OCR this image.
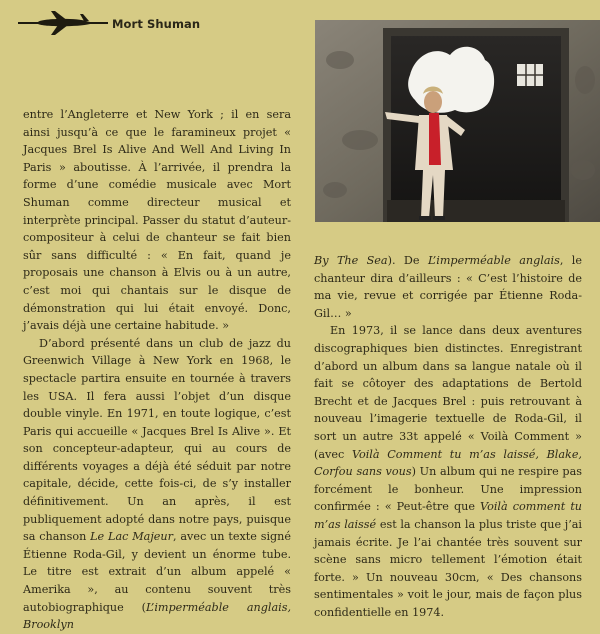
Mort Shuman

entre l’Angleterre et New York ; il en sera ainsi jusqu’à ce que le faramineux projet « Jacques Brel Is Alive And Well And Living In Paris » aboutisse. À l’arrivée, il prendra la forme d’une comédie musicale avec Mort Shuman comme directeur musical et interprète principal. Passer du statut d’auteur-compositeur à celui de chanteur se fait bien sûr sans difficulté : « En fait, quand je proposais une chanson à Elvis ou à un autre, c’est moi qui chantais sur le disque de démonstration qui lui était envoyé. Donc, j’avais déjà une certaine habitude. »

D’abord présenté dans un club de jazz du Greenwich Village à New York en 1968, le spectacle partira ensuite en tournée à travers les USA. Il fera aussi l’objet d’un disque double vinyle. En 1971, en toute logique, c’est Paris qui accueille « Jacques Brel Is Alive ». Et son concepteur-adapteur, qui au cours de différents voyages a déjà été séduit par notre capitale, décide, cette fois-ci, de s’y installer définitivement. Un an après, il est publiquement adopté dans notre pays, puisque sa chanson Le Lac Majeur, avec un texte signé Étienne Roda-Gil, y devient un énorme tube. Le titre est extrait d’un album appelé « Amerika », au contenu souvent très autobiographique (L’imperméable anglais, Brooklyn

By The Sea). De L’imperméable anglais, le chanteur dira d’ailleurs : « C’est l’histoire de ma vie, revue et corrigée par Étienne Roda-Gil… »

En 1973, il se lance dans deux aventures discographiques bien distinctes. Enregistrant d’abord un album dans sa langue natale où il fait se côtoyer des adaptations de Bertold Brecht et de Jacques Brel : puis retrouvant à nouveau l’imagerie textuelle de Roda-Gil, il sort un autre 33t appelé « Voilà Comment » (avec Voilà Comment tu m’as laissé, Blake, Corfou sans vous) Un album qui ne respire pas forcément le bonheur. Une impression confirmée : « Peut-être que Voilà comment tu m’as laissé est la chanson la plus triste que j’ai jamais écrite. Je l’ai chantée très souvent sur scène sans micro tellement l’émotion était forte. » Un nouveau 30cm, « Des chansons sentimentales » voit le jour, mais de façon plus confidentielle en 1974.
